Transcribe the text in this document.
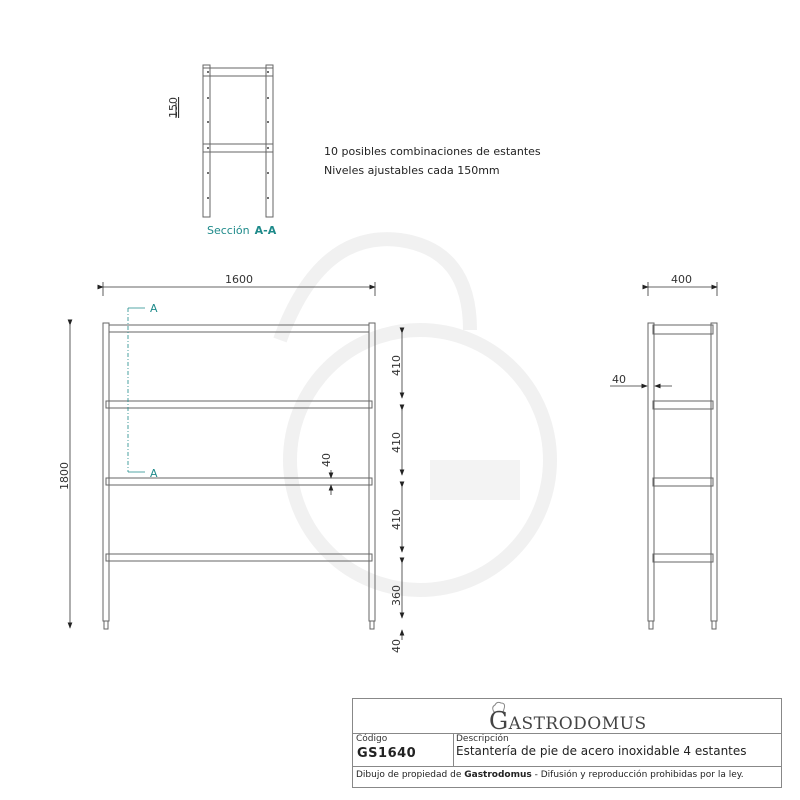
150
Sección A-A
1600
1800
A
A
40
410
410
410
360
40
400
40
10 posibles combinaciones de estantes
Niveles ajustables cada 150mm
GASTRODOMUS
Código
GS1640
Descripción
Estantería de pie de acero inoxidable 4 estantes
Dibujo de propiedad de Gastrodomus - Difusión y reproducción prohibidas por la ley.
